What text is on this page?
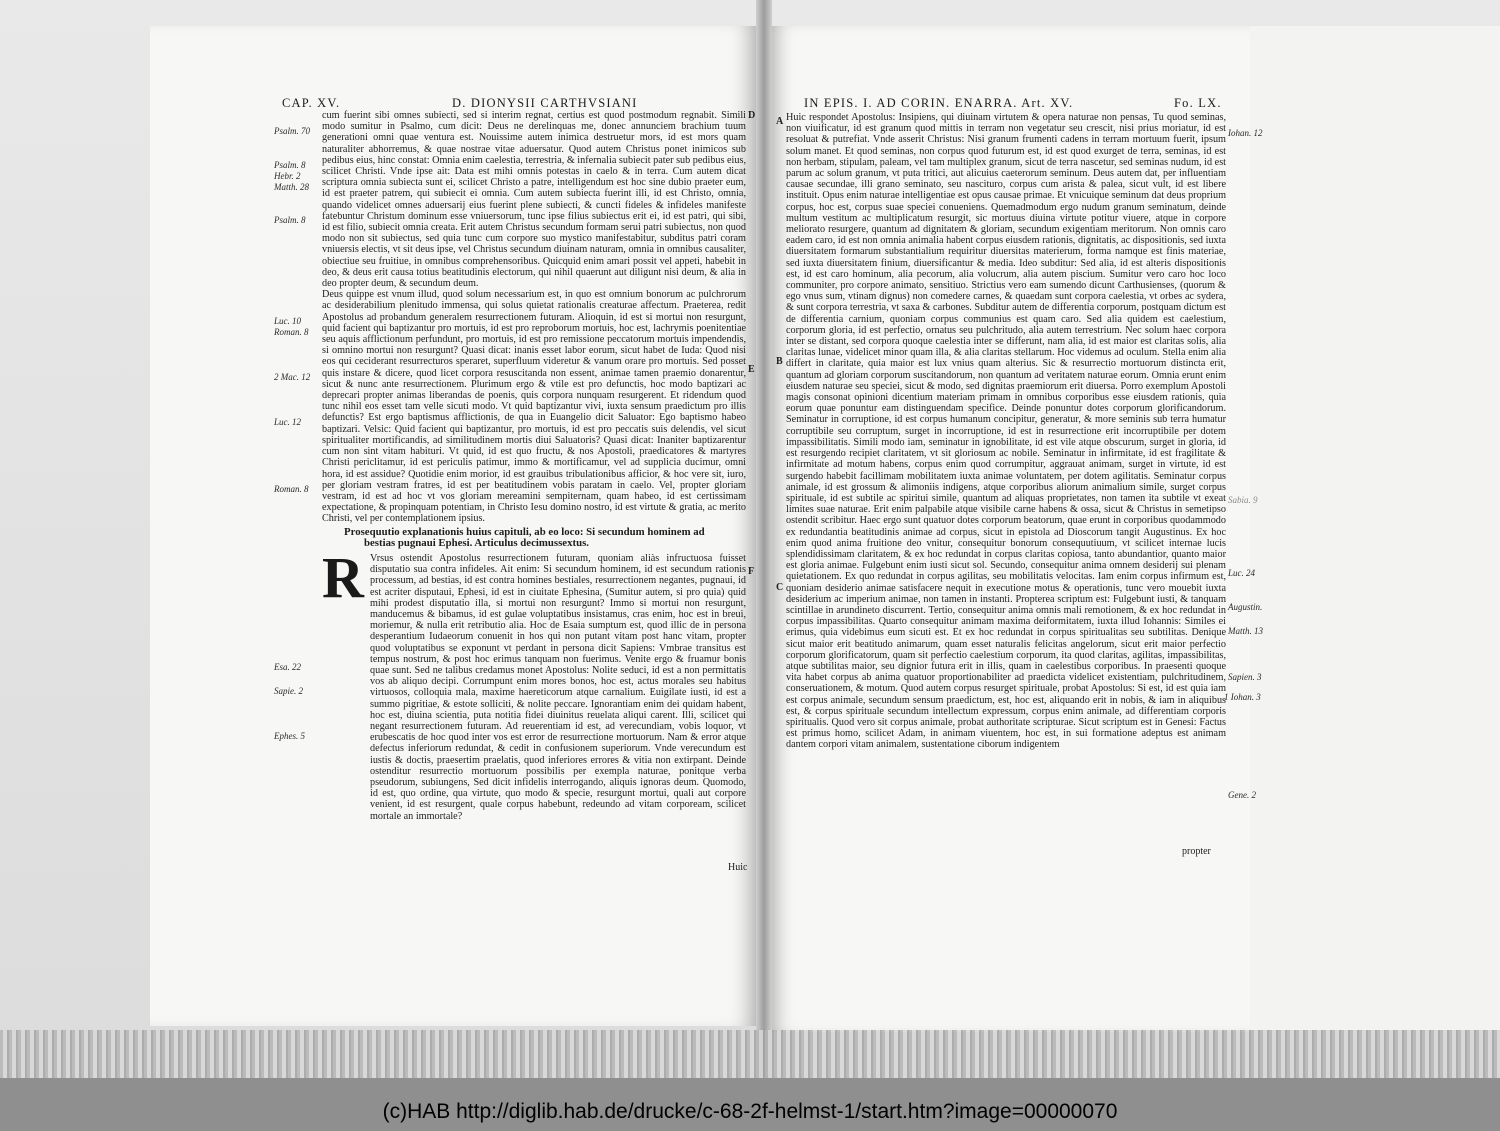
CAP. XV.	D. DIONYSII CARTHVSIANI

cum fuerint sibi omnes subiecti, sed si interim regnat, certius est quod postmodum regnabit. Simili modo sumitur in Psalmo, cum dicit: Deus ne derelinquas me, donec annunciem brachium tuum generationi omni quae ventura est. Nouissime autem inimica destruetur mors, id est mors quam naturaliter abhorremus, & quae nostrae vitae aduersatur. Quod autem Christus ponet inimicos sub pedibus eius, hinc constat: Omnia enim caelestia, terrestria, & infernalia subiecit pater sub pedibus eius, scilicet Christi. Vnde ipse ait: Data est mihi omnis potestas in caelo & in terra. Cum autem dicat scriptura omnia subiecta sunt ei, scilicet Christo a patre, intelligendum est hoc sine dubio praeter eum, id est praeter patrem, qui subiecit ei omnia. Cum autem subiecta fuerint illi, id est Christo, omnia, quando videlicet omnes aduersarij eius fuerint plene subiecti, & cuncti fideles & infideles manifeste fatebuntur Christum dominum esse vniuersorum, tunc ipse filius subiectus erit ei, id est patri, qui sibi, id est filio, subiecit omnia creata. Erit autem Christus secundum formam serui patri subiectus, non quod modo non sit subiectus, sed quia tunc cum corpore suo mystico manifestabitur, subditus patri coram vniuersis electis, vt sit deus ipse, vel Christus secundum diuinam naturam, omnia in omnibus causaliter, obiectiue seu fruitiue, in omnibus comprehensoribus. Quicquid enim amari possit vel appeti, habebit in deo, & deus erit causa totius beatitudinis electorum, qui nihil quaerunt aut diligunt nisi deum, & alia in deo propter deum, & secundum deum.

Deus quippe est vnum illud, quod solum necessarium est, in quo est omnium bonorum ac pulchrorum ac desiderabilium plenitudo immensa, qui solus quietat rationalis creaturae affectum. Praeterea, redit Apostolus ad probandum generalem resurrectionem futuram. Alioquin, id est si mortui non resurgunt, quid facient qui baptizantur pro mortuis, id est pro reproborum mortuis, hoc est, lachrymis poenitentiae seu aquis afflictionum perfundunt, pro mortuis, id est pro remissione peccatorum mortuis impendendis, si omnino mortui non resurgunt? Quasi dicat: inanis esset labor eorum, sicut habet de Iuda: Quod nisi eos qui ceciderant resurrecturos speraret, superfluum videretur & vanum orare pro mortuis. Sed posset quis instare & dicere, quod licet corpora resuscitanda non essent, animae tamen praemio donarentur, sicut & nunc ante resurrectionem. Plurimum ergo & vtile est pro defunctis, hoc modo baptizari ac deprecari propter animas liberandas de poenis, quis corpora nunquam resurgerent. Et ridendum quod tunc nihil eos esset tam velle sicuti modo. Vt quid baptizantur vivi, iuxta sensum praedictum pro illis defunctis? Est ergo baptismus afflictionis, de qua in Euangelio dicit Saluator: Ego baptismo habeo baptizari. Velsic: Quid facient qui baptizantur, pro mortuis, id est pro peccatis suis delendis, vel sicut spiritualiter mortificandis, ad similitudinem mortis diui Saluatoris? Quasi dicat: Inaniter baptizarentur cum non sint vitam habituri. Vt quid, id est quo fructu, & nos Apostoli, praedicatores & martyres Christi periclitamur, id est periculis patimur, immo & mortificamur, vel ad supplicia ducimur, omni hora, id est assidue? Quotidie enim morior, id est grauibus tribulationibus afficior, & hoc vere sit, iuro, per gloriam vestram fratres, id est per beatitudinem vobis paratam in caelo. Vel, propter gloriam vestram, id est ad hoc vt vos gloriam mereamini sempiternam, quam habeo, id est certissimam expectatione, & propinquam potentiam, in Christo Iesu domino nostro, id est virtute & gratia, ac merito Christi, vel per contemplationem ipsius.

Prosequutio explanationis huius capituli, ab eo loco: Si secundum hominem ad

bestias pugnaui Ephesi. Articulus decimussextus.

R Vrsus ostendit Apostolus resurrectionem futuram, quoniam aliàs infructuosa fuisset disputatio sua contra infideles. Ait enim: Si secundum hominem, id est secundum rationis processum, ad bestias, id est contra homines bestiales, resurrectionem negantes, pugnaui, id est acriter disputaui, Ephesi, id est in ciuitate Ephesina, (Sumitur autem, si pro quia) quid mihi prodest disputatio illa, si mortui non resurgunt? Immo si mortui non resurgunt, manducemus & bibamus, id est gulae voluptatibus insistamus, cras enim, hoc est in breui, moriemur, & nulla erit retributio alia. Hoc de Esaia sumptum est, quod illic de in persona desperantium Iudaeorum conuenit in hos qui non putant vitam post hanc vitam, propter quod voluptatibus se exponunt vt perdant in persona dicit Sapiens: Vmbrae transitus est tempus nostrum, & post hoc erimus tanquam non fuerimus. Venite ergo & fruamur bonis quae sunt. Sed ne talibus credamus monet Apostolus: Nolite seduci, id est a non permittatis vos ab aliquo decipi. Corrumpunt enim mores bonos, hoc est, actus morales seu habitus virtuosos, colloquia mala, maxime haereticorum atque carnalium. Euigilate iusti, id est a summo pigritiae, & estote solliciti, & nolite peccare. Ignorantiam enim dei quidam habent, hoc est, diuina scientia, puta notitia fidei diuinitus reuelata aliqui carent. Illi, scilicet qui negant resurrectionem futuram. Ad reuerentiam id est, ad verecundiam, vobis loquor, vt erubescatis de hoc quod inter vos est error de resurrectione mortuorum. Nam & error atque defectus inferiorum redundat, & cedit in confusionem superiorum. Vnde verecundum est iustis & doctis, praesertim praelatis, quod inferiores errores & vitia non extirpant. Deinde ostenditur resurrectio mortuorum possibilis per exempla naturae, ponitque verba pseudorum, subiungens, Sed dicit infidelis interrogando, aliquis ignoras deum. Quomodo, id est, quo ordine, qua virtute, quo modo & specie, resurgunt mortui, quali aut corpore venient, id est resurgent, quale corpus habebunt, redeundo ad vitam corpoream, scilicet mortale an immortale?

Huic
Psalm. 70
Psalm. 8
Hebr. 2
Matth. 28
Psalm. 8
Luc. 10
Roman. 8
2 Mac. 12
Luc. 12
Roman. 8
Esa. 22
Sapie. 2
Ephes. 5
D
E
F
IN EPIS. I. AD CORIN. ENARRA. Art. XV.	Fo. LX.

Huic respondet Apostolus: Insipiens, qui diuinam virtutem & opera naturae non pensas, Tu quod seminas, non viuificatur, id est granum quod mittis in terram non vegetatur seu crescit, nisi prius moriatur, id est resoluat & putrefiat. Vnde asserit Christus: Nisi granum frumenti cadens in terram mortuum fuerit, ipsum solum manet. Et quod seminas, non corpus quod futurum est, id est quod exurget de terra, seminas, id est non herbam, stipulam, paleam, vel tam multiplex granum, sicut de terra nascetur, sed seminas nudum, id est parum ac solum granum, vt puta tritici, aut alicuius caeterorum seminum. Deus autem dat, per influentiam causae secundae, illi grano seminato, seu nascituro, corpus cum arista & palea, sicut vult, id est libere instituit. Opus enim naturae intelligentiae est opus causae primae. Et vnicuique seminum dat deus proprium corpus, hoc est, corpus suae speciei conueniens. Quemadmodum ergo nudum granum seminatum, deinde multum vestitum ac multiplicatum resurgit, sic mortuus diuina virtute potitur viuere, atque in corpore meliorato resurgere, quantum ad dignitatem & gloriam, secundum exigentiam meritorum. Non omnis caro eadem caro, id est non omnia animalia habent corpus eiusdem rationis, dignitatis, ac dispositionis, sed iuxta diuersitatem formarum substantialium requiritur diuersitas materierum, forma namque est finis materiae, sed iuxta diuersitatem finium, diuersificantur & media. Ideo subditur: Sed alia, id est alteris dispositionis est, id est caro hominum, alia pecorum, alia volucrum, alia autem piscium. Sumitur vero caro hoc loco communiter, pro corpore animato, sensitiuo. Strictius vero eam sumendo dicunt Carthusienses, (quorum & ego vnus sum, vtinam dignus) non comedere carnes, & quaedam sunt corpora caelestia, vt orbes ac sydera, & sunt corpora terrestria, vt saxa & carbones. Subditur autem de differentia corporum, postquam dictum est de differentia carnium, quoniam corpus communius est quam caro. Sed alia quidem est caelestium, corporum gloria, id est perfectio, ornatus seu pulchritudo, alia autem terrestrium. Nec solum haec corpora inter se distant, sed corpora quoque caelestia inter se differunt, nam alia, id est maior est claritas solis, alia claritas lunae, videlicet minor quam illa, & alia claritas stellarum. Hoc videmus ad oculum. Stella enim alia differt in claritate, quia maior est lux vnius quam alterius. Sic & resurrectio mortuorum distincta erit, quantum ad gloriam corporum suscitandorum, non quantum ad veritatem naturae eorum. Omnia erunt enim eiusdem naturae seu speciei, sicut & modo, sed dignitas praemiorum erit diuersa. Porro exemplum Apostoli magis consonat opinioni dicentium materiam primam in omnibus corporibus esse eiusdem rationis, quia eorum quae ponuntur eam distinguendam specifice. Deinde ponuntur dotes corporum glorificandorum. Seminatur in corruptione, id est corpus humanum concipitur, generatur, & more seminis sub terra humatur corruptibile seu corruptum, surget in incorruptione, id est in resurrectione erit incorruptibile per dotem impassibilitatis. Simili modo iam, seminatur in ignobilitate, id est vile atque obscurum, surget in gloria, id est resurgendo recipiet claritatem, vt sit gloriosum ac nobile. Seminatur in infirmitate, id est fragilitate & infirmitate ad motum habens, corpus enim quod corrumpitur, aggrauat animam, surget in virtute, id est surgendo habebit facillimam mobilitatem iuxta animae voluntatem, per dotem agilitatis. Seminatur corpus animale, id est grossum & alimoniis indigens, atque corporibus aliorum animalium simile, surget corpus spirituale, id est subtile ac spiritui simile, quantum ad aliquas proprietates, non tamen ita subtile vt exeat limites suae naturae. Erit enim palpabile atque visibile carne habens & ossa, sicut & Christus in semetipso ostendit scribitur. Haec ergo sunt quatuor dotes corporum beatorum, quae erunt in corporibus quodammodo ex redundantia beatitudinis animae ad corpus, sicut in epistola ad Dioscorum tangit Augustinus. Ex hoc enim quod anima fruitione deo vnitur, consequitur bonorum consequutiuum, vt scilicet internae lucis splendidissimam claritatem, & ex hoc redundat in corpus claritas copiosa, tanto abundantior, quanto maior est gloria animae. Fulgebunt enim iusti sicut sol. Secundo, consequitur anima omnem desiderij sui plenam quietationem. Ex quo redundat in corpus agilitas, seu mobilitatis velocitas. Iam enim corpus infirmum est, quoniam desiderio animae satisfacere nequit in executione motus & operationis, tunc vero mouebit iuxta desiderium ac imperium animae, non tamen in instanti. Propterea scriptum est: Fulgebunt iusti, & tanquam scintillae in arundineto discurrent. Tertio, consequitur anima omnis mali remotionem, & ex hoc redundat in corpus impassibilitas. Quarto consequitur animam maxima deiformitatem, iuxta illud Iohannis: Similes ei erimus, quia videbimus eum sicuti est. Et ex hoc redundat in corpus spiritualitas seu subtilitas. Denique sicut maior erit beatitudo animarum, quam esset naturalis felicitas angelorum, sicut erit maior perfectio corporum glorificatorum, quam sit perfectio caelestium corporum, ita quod claritas, agilitas, impassibilitas, atque subtilitas maior, seu dignior futura erit in illis, quam in caelestibus corporibus. In praesenti quoque vita habet corpus ab anima quatuor proportionabiliter ad praedicta videlicet existentiam, pulchritudinem, conseruationem, & motum. Quod autem corpus resurget spirituale, probat Apostolus: Si est, id est quia iam est corpus animale, secundum sensum praedictum, est, hoc est, aliquando erit in nobis, & iam in aliquibus est, & corpus spirituale secundum intellectum expressum, corpus enim animale, ad differentiam corporis spiritualis. Quod vero sit corpus animale, probat authoritate scripturae. Sicut scriptum est in Genesi: Factus est primus homo, scilicet Adam, in animam viuentem, hoc est, in sui formatione adeptus est animam dantem corpori vitam animalem, sustentatione ciborum indigentem

propter
A
B
C
Iohan. 12
Sabia. 9
Luc. 24
Augustin.
Matth. 13
Sapien. 3
1 Iohan. 3
Gene. 2
(c)HAB http://diglib.hab.de/drucke/c-68-2f-helmst-1/start.htm?image=00000070
